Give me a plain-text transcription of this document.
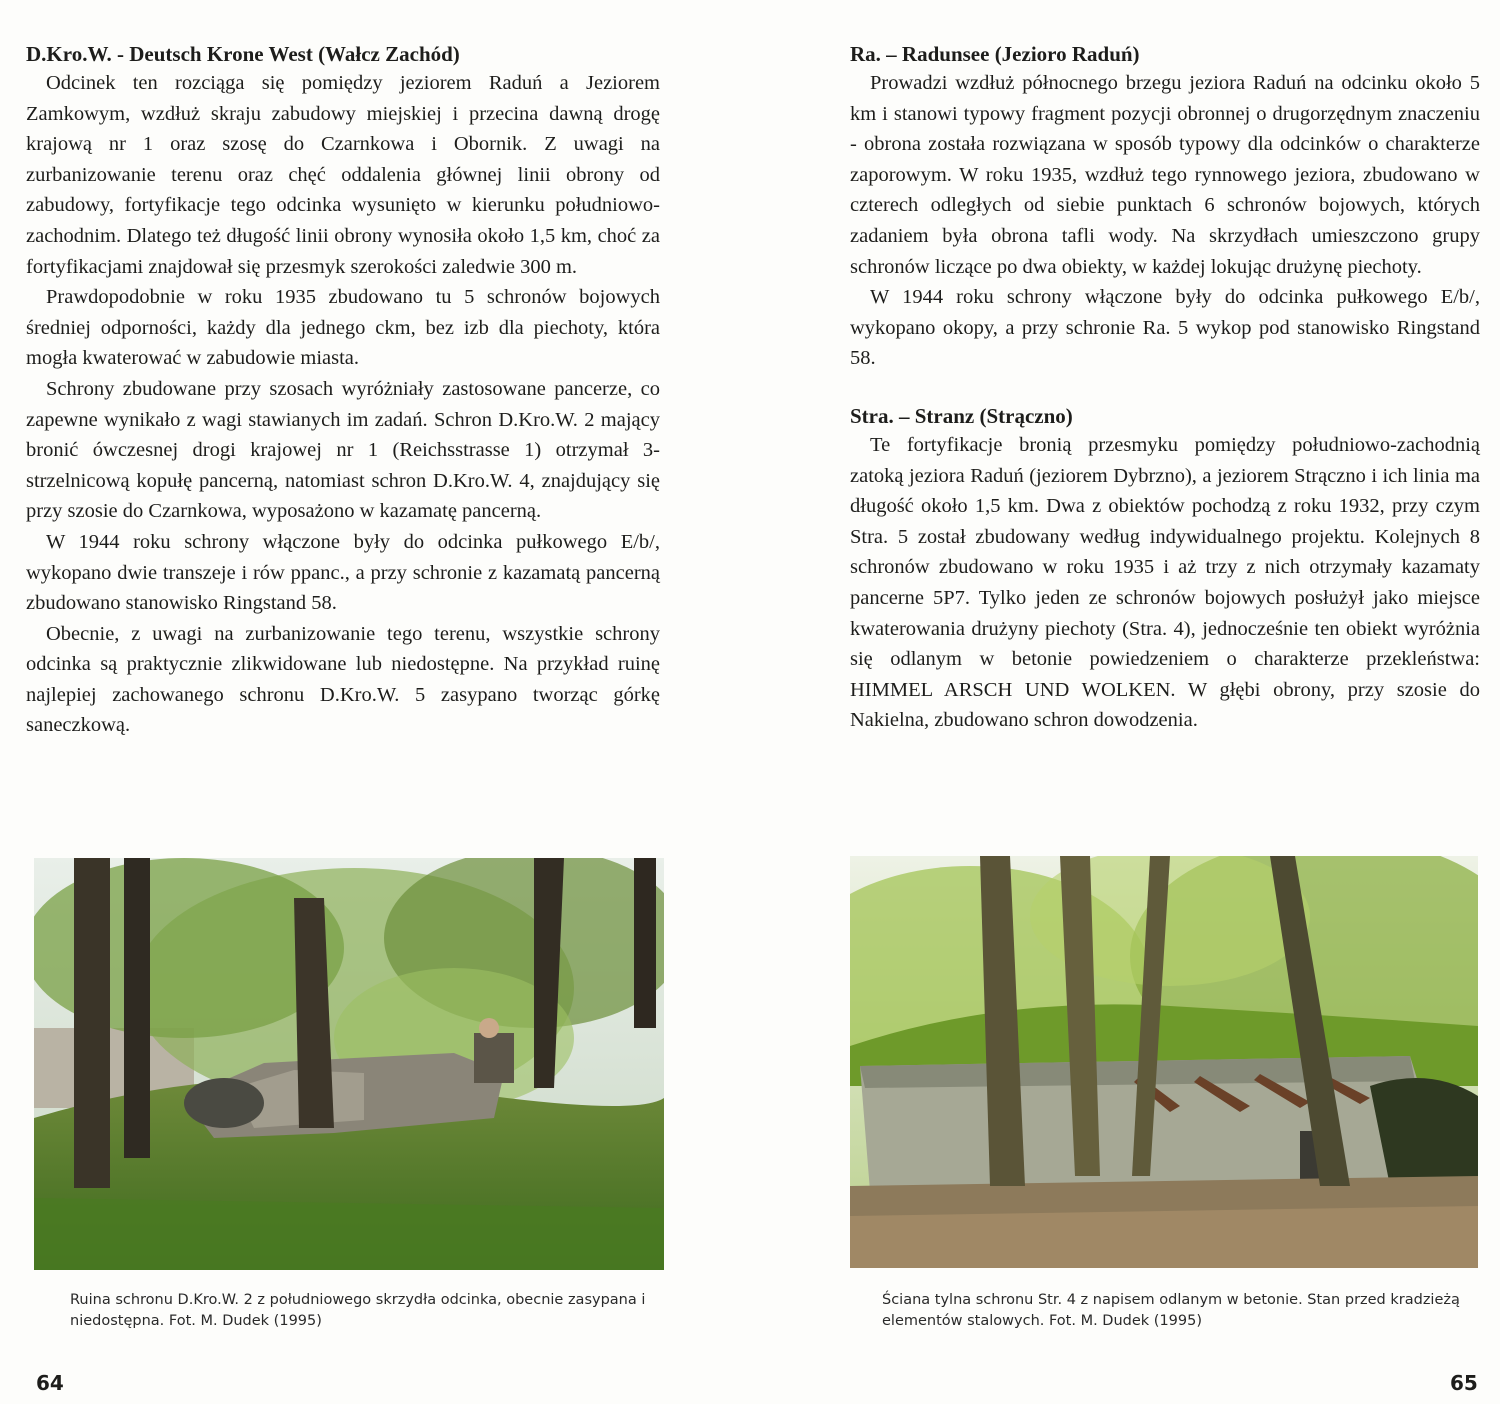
D.Kro.W. - Deutsch Krone West (Wałcz Zachód)

Odcinek ten rozciąga się pomiędzy jeziorem Raduń a Jeziorem Zamkowym, wzdłuż skraju zabudowy miejskiej i przecina dawną drogę krajową nr 1 oraz szosę do Czarnkowa i Obornik. Z uwagi na zurbanizowanie terenu oraz chęć oddalenia głównej linii obrony od zabudowy, fortyfikacje tego odcinka wysunięto w kierunku południowo-zachodnim. Dlatego też długość linii obrony wynosiła około 1,5 km, choć za fortyfikacjami znajdował się przesmyk szerokości zaledwie 300 m.

Prawdopodobnie w roku 1935 zbudowano tu 5 schronów bojowych średniej odporności, każdy dla jednego ckm, bez izb dla piechoty, która mogła kwaterować w zabudowie miasta.

Schrony zbudowane przy szosach wyróżniały zastosowane pancerze, co zapewne wynikało z wagi stawianych im zadań. Schron D.Kro.W. 2 mający bronić ówczesnej drogi krajowej nr 1 (Reichsstrasse 1) otrzymał 3-strzelnicową kopułę pancerną, natomiast schron D.Kro.W. 4, znajdujący się przy szosie do Czarnkowa, wyposażono w kazamatę pancerną.

W 1944 roku schrony włączone były do odcinka pułkowego E/b/, wykopano dwie transzeje i rów ppanc., a przy schronie z kazamatą pancerną zbudowano stanowisko Ringstand 58.

Obecnie, z uwagi na zurbanizowanie tego terenu, wszystkie schrony odcinka są praktycznie zlikwidowane lub niedostępne. Na przykład ruinę najlepiej zachowanego schronu D.Kro.W. 5 zasypano tworząc górkę saneczkową.

Ruina schronu D.Kro.W. 2 z południowego skrzydła odcinka, obecnie zasypana i niedostępna. Fot. M. Dudek (1995)
64
Ra. – Radunsee (Jezioro Raduń)

Prowadzi wzdłuż północnego brzegu jeziora Raduń na odcinku około 5 km i stanowi typowy fragment pozycji obronnej o drugorzędnym znaczeniu - obrona została rozwiązana w sposób typowy dla odcinków o charakterze zaporowym. W roku 1935, wzdłuż tego rynnowego jeziora, zbudowano w czterech odległych od siebie punktach 6 schronów bojowych, których zadaniem była obrona tafli wody. Na skrzydłach umieszczono grupy schronów liczące po dwa obiekty, w każdej lokując drużynę piechoty.

W 1944 roku schrony włączone były do odcinka pułkowego E/b/, wykopano okopy, a przy schronie Ra. 5 wykop pod stanowisko Ringstand 58.

Stra. – Stranz (Strączno)

Te fortyfikacje bronią przesmyku pomiędzy południowo-zachodnią zatoką jeziora Raduń (jeziorem Dybrzno), a jeziorem Strączno i ich linia ma długość około 1,5 km. Dwa z obiektów pochodzą z roku 1932, przy czym Stra. 5 został zbudowany według indywidualnego projektu. Kolejnych 8 schronów zbudowano w roku 1935 i aż trzy z nich otrzymały kazamaty pancerne 5P7. Tylko jeden ze schronów bojowych posłużył jako miejsce kwaterowania drużyny piechoty (Stra. 4), jednocześnie ten obiekt wyróżnia się odlanym w betonie powiedzeniem o charakterze przekleństwa: HIMMEL ARSCH UND WOLKEN. W głębi obrony, przy szosie do Nakielna, zbudowano schron dowodzenia.

Ściana tylna schronu Str. 4 z napisem odlanym w betonie. Stan przed kradzieżą elementów stalowych. Fot. M. Dudek (1995)
65
